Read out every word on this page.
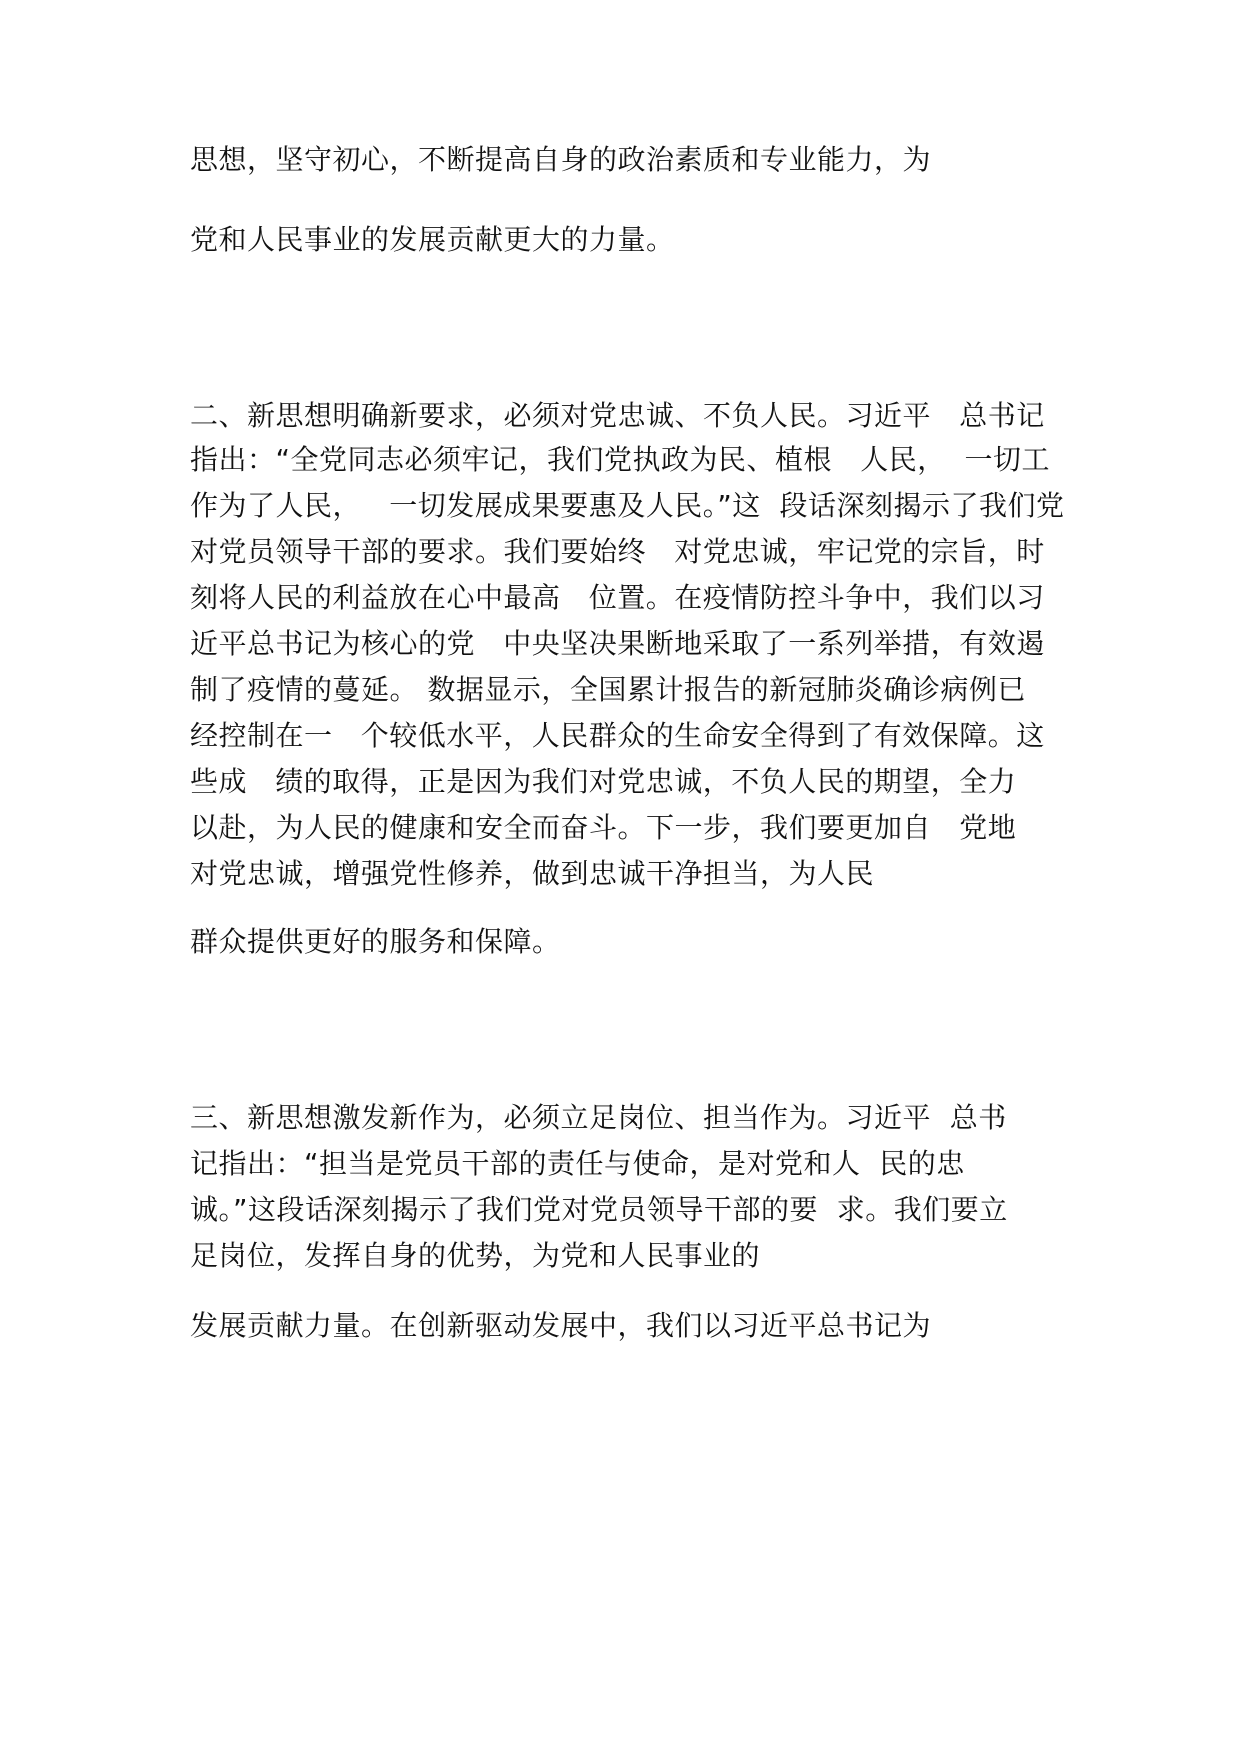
思想，坚守初心，不断提高自身的政治素质和专业能力，为
党和人民事业的发展贡献更大的力量。
二、新思想明确新要求，必须对党忠诚、不负人民。习近平   总书记
指出：“全党同志必须牢记，我们党执政为民、植根   人民，  一切工
作为了人民，   一切发展成果要惠及人民。”这  段话深刻揭示了我们党
对党员领导干部的要求。我们要始终   对党忠诚，牢记党的宗旨，时
刻将人民的利益放在心中最高   位置。在疫情防控斗争中，我们以习
近平总书记为核心的党   中央坚决果断地采取了一系列举措，有效遏
制了疫情的蔓延。 数据显示，全国累计报告的新冠肺炎确诊病例已
经控制在一   个较低水平，人民群众的生命安全得到了有效保障。这
些成   绩的取得，正是因为我们对党忠诚，不负人民的期望，全力
以赴，为人民的健康和安全而奋斗。下一步，我们要更加自   党地
对党忠诚，增强党性修养，做到忠诚干净担当，为人民
群众提供更好的服务和保障。
三、新思想激发新作为，必须立足岗位、担当作为。习近平  总书
记指出：“担当是党员干部的责任与使命，是对党和人  民的忠
诚。”这段话深刻揭示了我们党对党员领导干部的要  求。我们要立
足岗位，发挥自身的优势，为党和人民事业的
发展贡献力量。在创新驱动发展中，我们以习近平总书记为
